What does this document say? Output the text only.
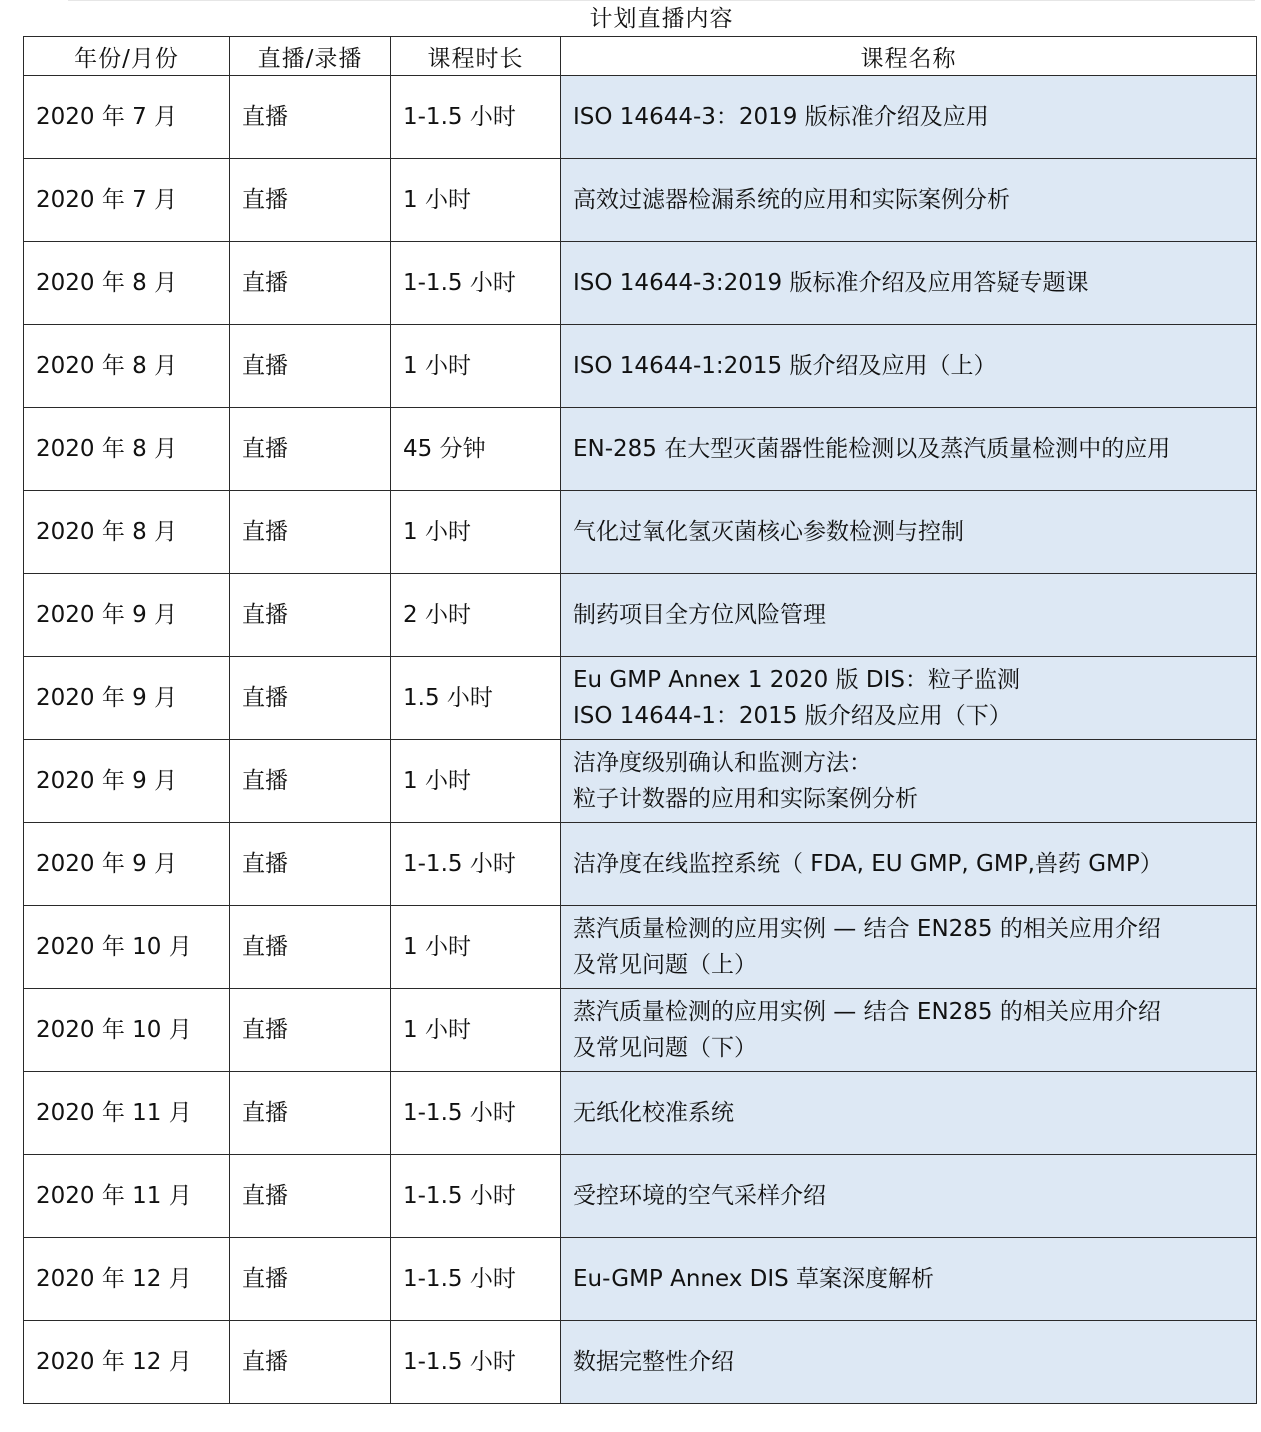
计划直播内容
年份/月份	直播/录播	课程时长	课程名称
2020 年 7 月	直播	1-1.5 小时	ISO 14644-3：2019 版标准介绍及应用
2020 年 7 月	直播	1 小时	高效过滤器检漏系统的应用和实际案例分析
2020 年 8 月	直播	1-1.5 小时	ISO 14644-3:2019 版标准介绍及应用答疑专题课
2020 年 8 月	直播	1 小时	ISO 14644-1:2015 版介绍及应用（上）
2020 年 8 月	直播	45 分钟	EN-285 在大型灭菌器性能检测以及蒸汽质量检测中的应用
2020 年 8 月	直播	1 小时	气化过氧化氢灭菌核心参数检测与控制
2020 年 9 月	直播	2 小时	制药项目全方位风险管理
2020 年 9 月	直播	1.5 小时	Eu GMP Annex 1 2020 版 DIS：粒子监测
ISO 14644-1：2015 版介绍及应用（下）
2020 年 9 月	直播	1 小时	洁净度级别确认和监测方法：
粒子计数器的应用和实际案例分析
2020 年 9 月	直播	1-1.5 小时	洁净度在线监控系统（ FDA, EU GMP, GMP,兽药 GMP）
2020 年 10 月	直播	1 小时	蒸汽质量检测的应用实例 — 结合 EN285 的相关应用介绍
及常见问题（上）
2020 年 10 月	直播	1 小时	蒸汽质量检测的应用实例 — 结合 EN285 的相关应用介绍
及常见问题（下）
2020 年 11 月	直播	1-1.5 小时	无纸化校准系统
2020 年 11 月	直播	1-1.5 小时	受控环境的空气采样介绍
2020 年 12 月	直播	1-1.5 小时	Eu-GMP Annex DIS 草案深度解析
2020 年 12 月	直播	1-1.5 小时	数据完整性介绍
